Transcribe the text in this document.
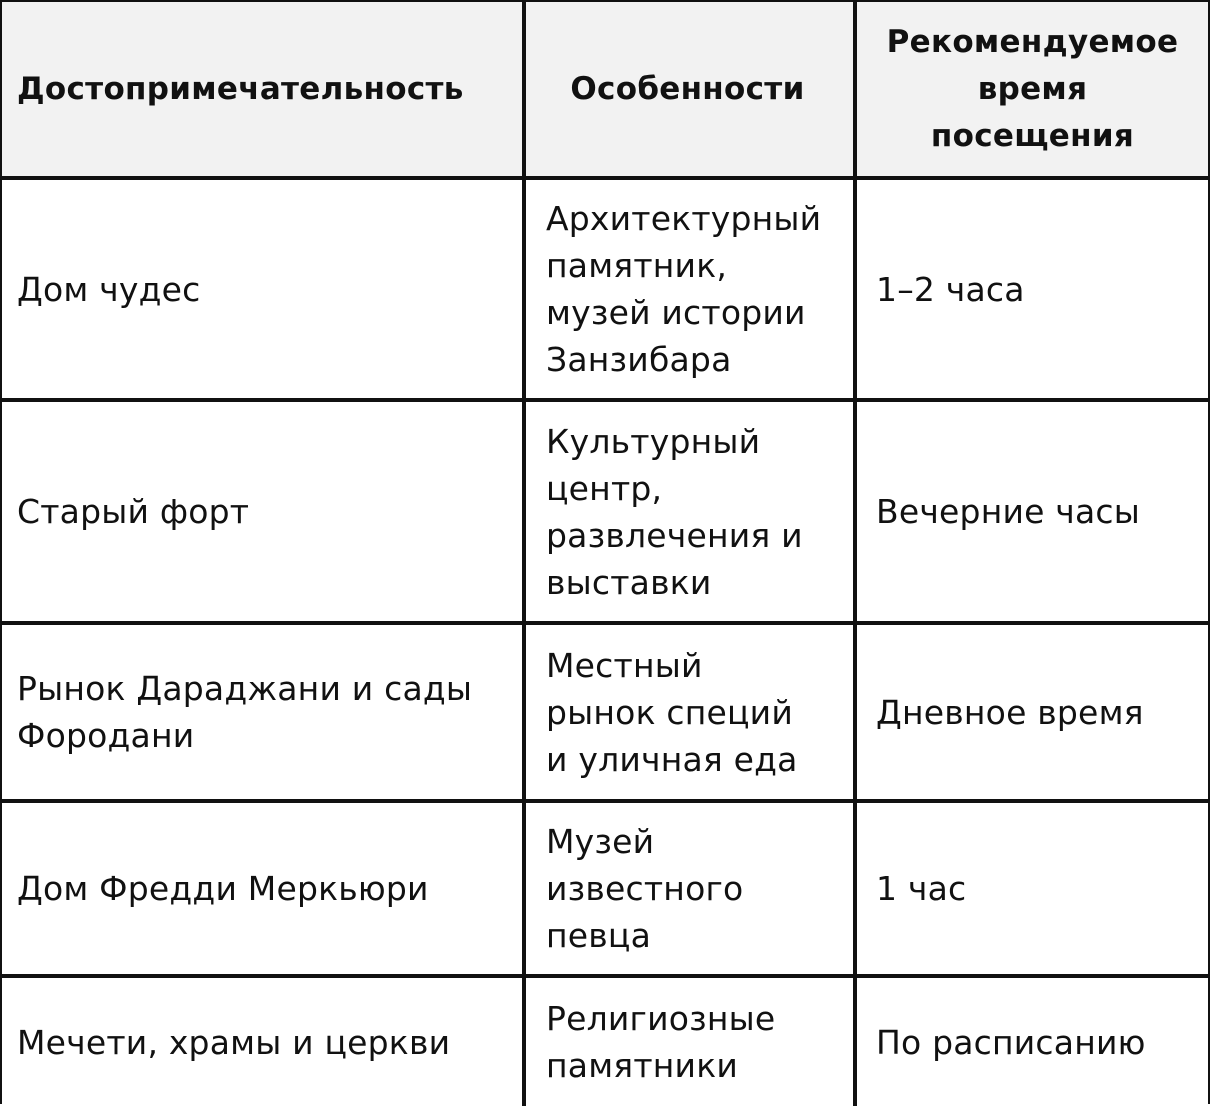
Достопримечательность	Особенности
Рекомендуемое
время
посещения
Дом чудес
Архитектурный
памятник,
музей истории
Занзибара
1–2 часа
Старый форт
Культурный
центр,
развлечения и
выставки
Вечерние часы
Рынок Дараджани и сады
Фородани
Местный
рынок специй
и уличная еда
Дневное время
Дом Фредди Меркьюри
Музей
известного
певца
1 час
Мечети, храмы и церкви
Религиозные
памятники
По расписанию
